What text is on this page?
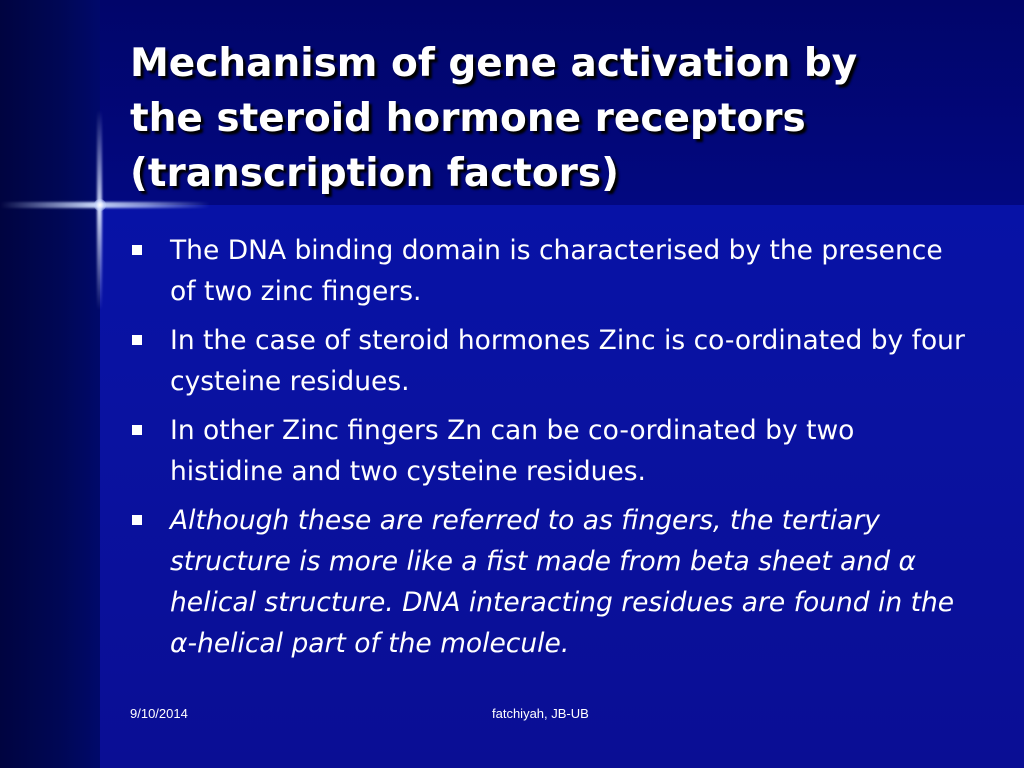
Mechanism of gene activation by
the steroid hormone receptors
(transcription factors)
The DNA binding domain is characterised by the presence of two zinc fingers.
In the case of steroid hormones Zinc is co-ordinated by four cysteine residues.
In other Zinc fingers Zn can be co-ordinated by two histidine and two cysteine residues.
Although these are referred to as fingers, the tertiary structure is more like a fist made from beta sheet and α helical structure. DNA interacting residues are found in the α-helical part of the molecule.
9/10/2014	fatchiyah, JB-UB
